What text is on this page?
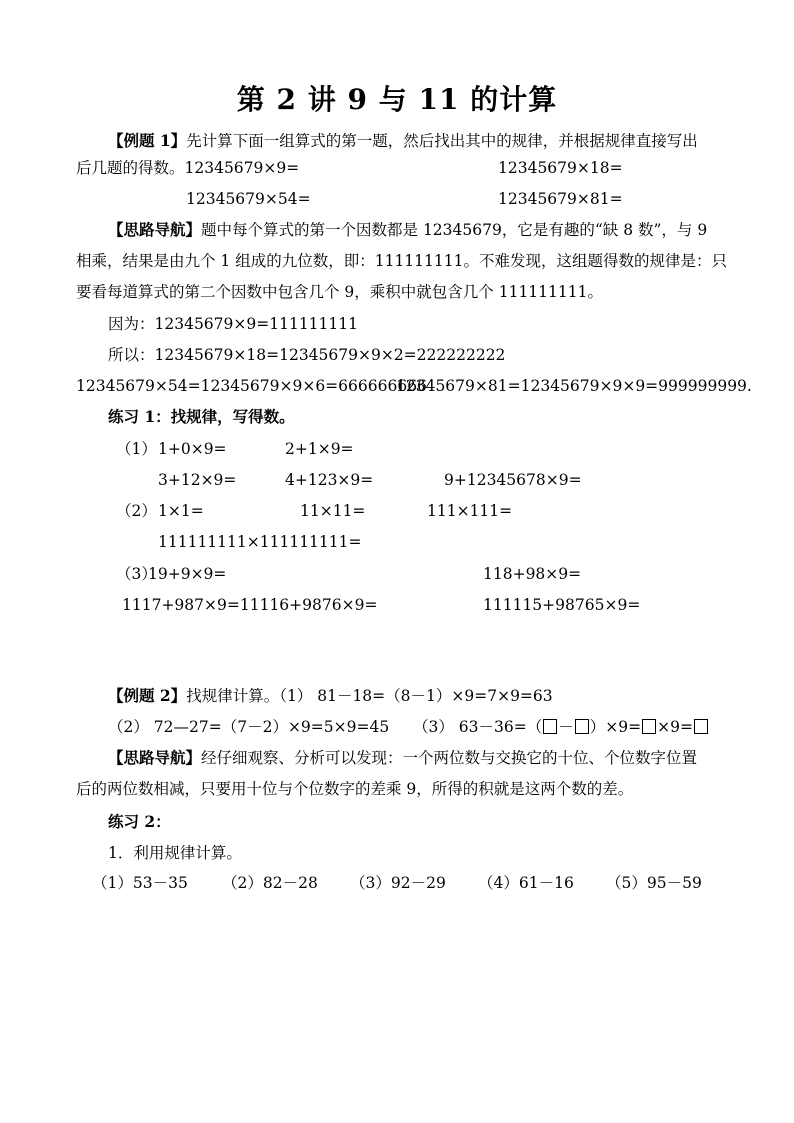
第 2 讲 9 与 11 的计算
【例题 1】先计算下面一组算式的第一题，然后找出其中的规律，并根据规律直接写出
后几题的得数。12345679×9=	12345679×18=
12345679×54=	12345679×81=
【思路导航】题中每个算式的第一个因数都是 12345679，它是有趣的“缺 8 数”，与 9
相乘，结果是由九个 1 组成的九位数，即：111111111。不难发现，这组题得数的规律是：只
要看每道算式的第二个因数中包含几个 9，乘积中就包含几个 111111111。
因为：12345679×9=111111111
所以：12345679×18=12345679×9×2=222222222
12345679×54=12345679×9×6=666666666
12345679×81=12345679×9×9=999999999.
练习 1：找规律，写得数。
（1） 1+0×9=	2+1×9=
3+12×9=	4+123×9=	9+12345678×9=
（2） 1×1=	11×11=	111×111=
111111111×111111111=
（3）
19+9×9=	118+98×9=
1117+987×9=11116+9876×9=	111115+98765×9=
【例题 2】找规律计算。（1） 81－18=（8－1）×9=7×9=63
（2） 72—27=（7－2）×9=5×9=45 （3） 63－36=（ － ）×9= ×9=
【思路导航】经仔细观察、分析可以发现：一个两位数与交换它的十位、个位数字位置
后的两位数相减，只要用十位与个位数字的差乘 9，所得的积就是这两个数的差。
练习 2：
1．利用规律计算。
（1）53－35 （2）82－28 （3）92－29 （4）61－16 （5）95－59
